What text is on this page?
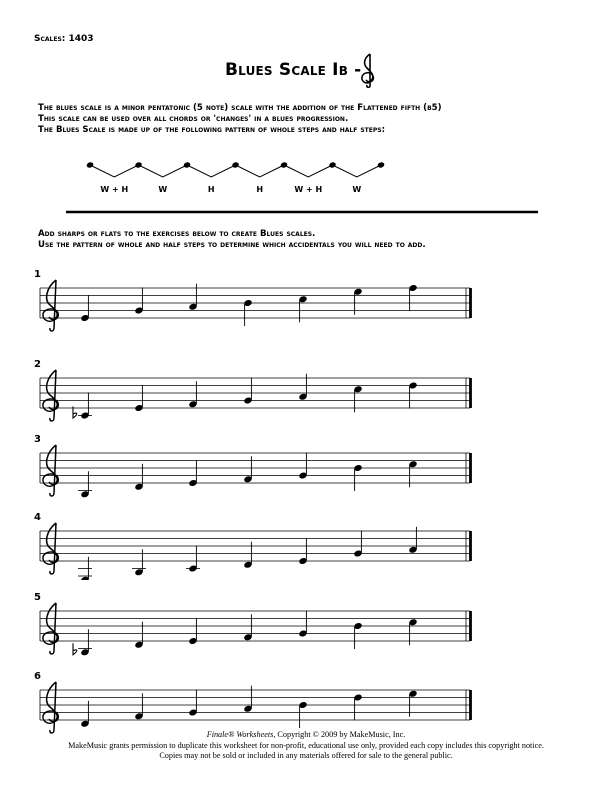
Scales: 1403
Blues Scale Ib -
The blues scale is a minor pentatonic (5 note) scale with the addition of the Flattened fifth (b5)
This scale can be used over all chords or 'changes' in a blues progression.
The Blues Scale is made up of the following pattern of whole steps and half steps:
W + H	W	H	H	W + H	W
Add sharps or flats to the exercises below to create Blues scales.
Use the pattern of whole and half steps to determine which accidentals you will need to add.
1
2
3
4
5
6
Finale® Worksheets, Copyright © 2009 by MakeMusic, Inc.
MakeMusic grants permission to duplicate this worksheet for non-profit, educational use only, provided each copy includes this copyright notice.
Copies may not be sold or included in any materials offered for sale to the general public.
